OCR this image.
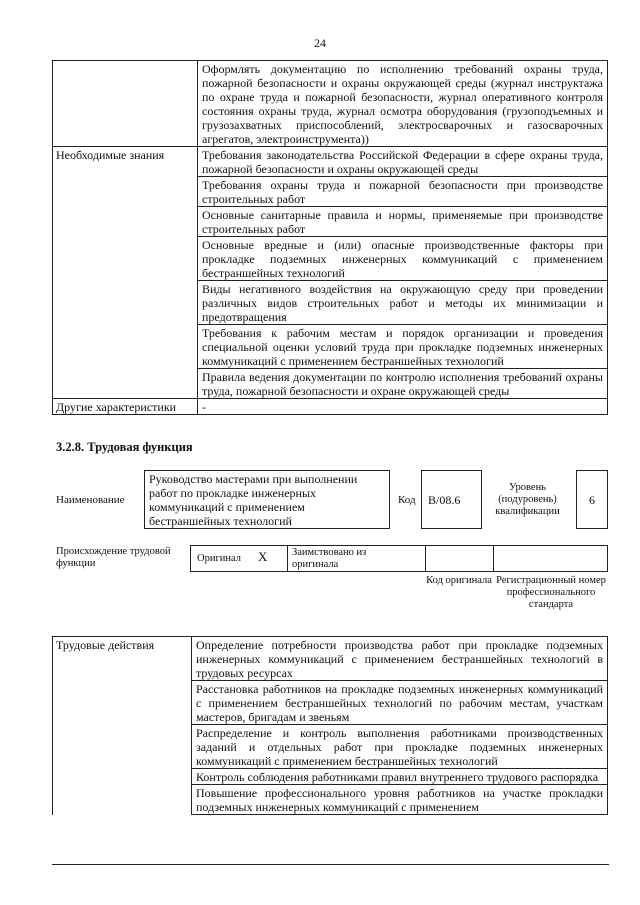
24
	Оформлять документацию по исполнению требований охраны труда, пожарной безопасности и охраны окружающей среды (журнал инструктажа по охране труда и пожарной безопасности, журнал оперативного контроля состояния охраны труда, журнал осмотра оборудования (грузоподъемных и грузозахватных приспособлений, электросварочных и газосварочных агрегатов, электроинструмента))
Необходимые знания	Требования законодательства Российской Федерации в сфере охраны труда, пожарной безопасности и охраны окружающей среды
	Требования охраны труда и пожарной безопасности при производстве строительных работ
	Основные санитарные правила и нормы, применяемые при производстве строительных работ
	Основные вредные и (или) опасные производственные факторы при прокладке подземных инженерных коммуникаций с применением бестраншейных технологий
	Виды негативного воздействия на окружающую среду при проведении различных видов строительных работ и методы их минимизации и предотвращения
	Требования к рабочим местам и порядок организации и проведения специальной оценки условий труда при прокладке подземных инженерных коммуникаций с применением бестраншейных технологий
	Правила ведения документации по контролю исполнения требований охраны труда, пожарной безопасности и охране окружающей среды
Другие характеристики	-
3.2.8. Трудовая функция
Наименование
Руководство мастерами при выполнении работ по прокладке инженерных коммуникаций с применением бестраншейных технологий
Код B/08.6
Уровень (подуровень) квалификации
6
Происхождение трудовой функции	Оригинал X Заимствовано из оригинала
Код оригинала Регистрационный номер профессионального стандарта
Трудовые действия	Определение потребности производства работ при прокладке подземных инженерных коммуникаций с применением бестраншейных технологий в трудовых ресурсах
	Расстановка работников на прокладке подземных инженерных коммуникаций с применением бестраншейных технологий по рабочим местам, участкам мастеров, бригадам и звеньям
	Распределение и контроль выполнения работниками производственных заданий и отдельных работ при прокладке подземных инженерных коммуникаций с применением бестраншейных технологий
	Контроль соблюдения работниками правил внутреннего трудового распорядка
	Повышение профессионального уровня работников на участке прокладки подземных инженерных коммуникаций с применением
